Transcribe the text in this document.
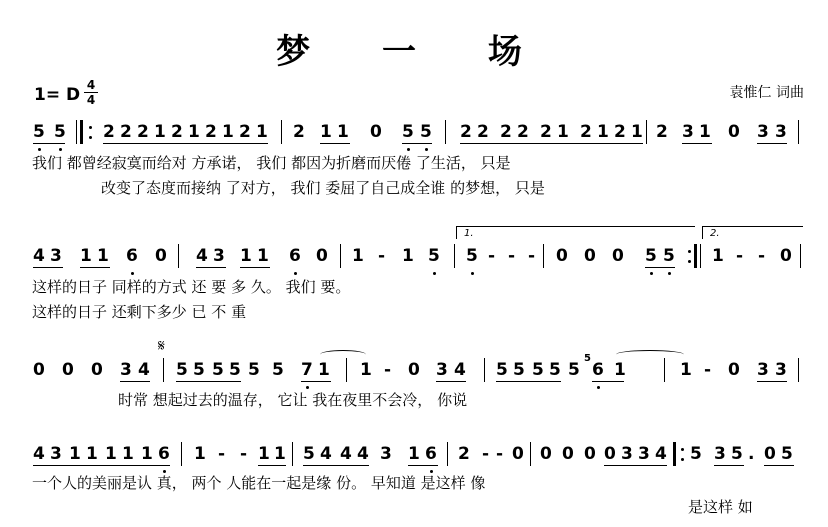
梦 一 场
1= D 4
4	袁惟仁 词曲
5 5 2 2 2 1 2 1 2 1 2 1 2 1 1 0 5 5 2 2 2 2 2 1 2 1 2 1 2 3 1 0 3 3
我们 都曾经寂寞而给对 方承诺， 我们 都因为折磨而厌倦 了生活， 只是
改变了态度而接纳 了对方， 我们 委屈了自己成全谁 的梦想， 只是
4 3 1 1 6 0 4 3 1 1 6 0 1 - 1 5
1.
5 - - - 0 0 0 5 5
2.
1 - - 0
这样的日子 同样的方式 还 要 多 久。 我们 要。
这样的日子 还剩下多少 已 不 重
0 0 0 3 4
𝄋
5 5 5 5 5 5 7 1 1 - 0 3 4 5 5 5 5 5
5
6 1	1 - 0 3 3
时常 想起过去的温存， 它让 我在夜里不会冷， 你说
4 3 1 1 1 1 1 6 1 - - 1 1 5 4 4 4 3 1 6 2 - - 0 0 0 0 0 3 3 4 5 3 5 . 0 5
一个人的美丽是认 真， 两个 人能在一起是缘 份。 早知道 是这样 像
是这样 如
